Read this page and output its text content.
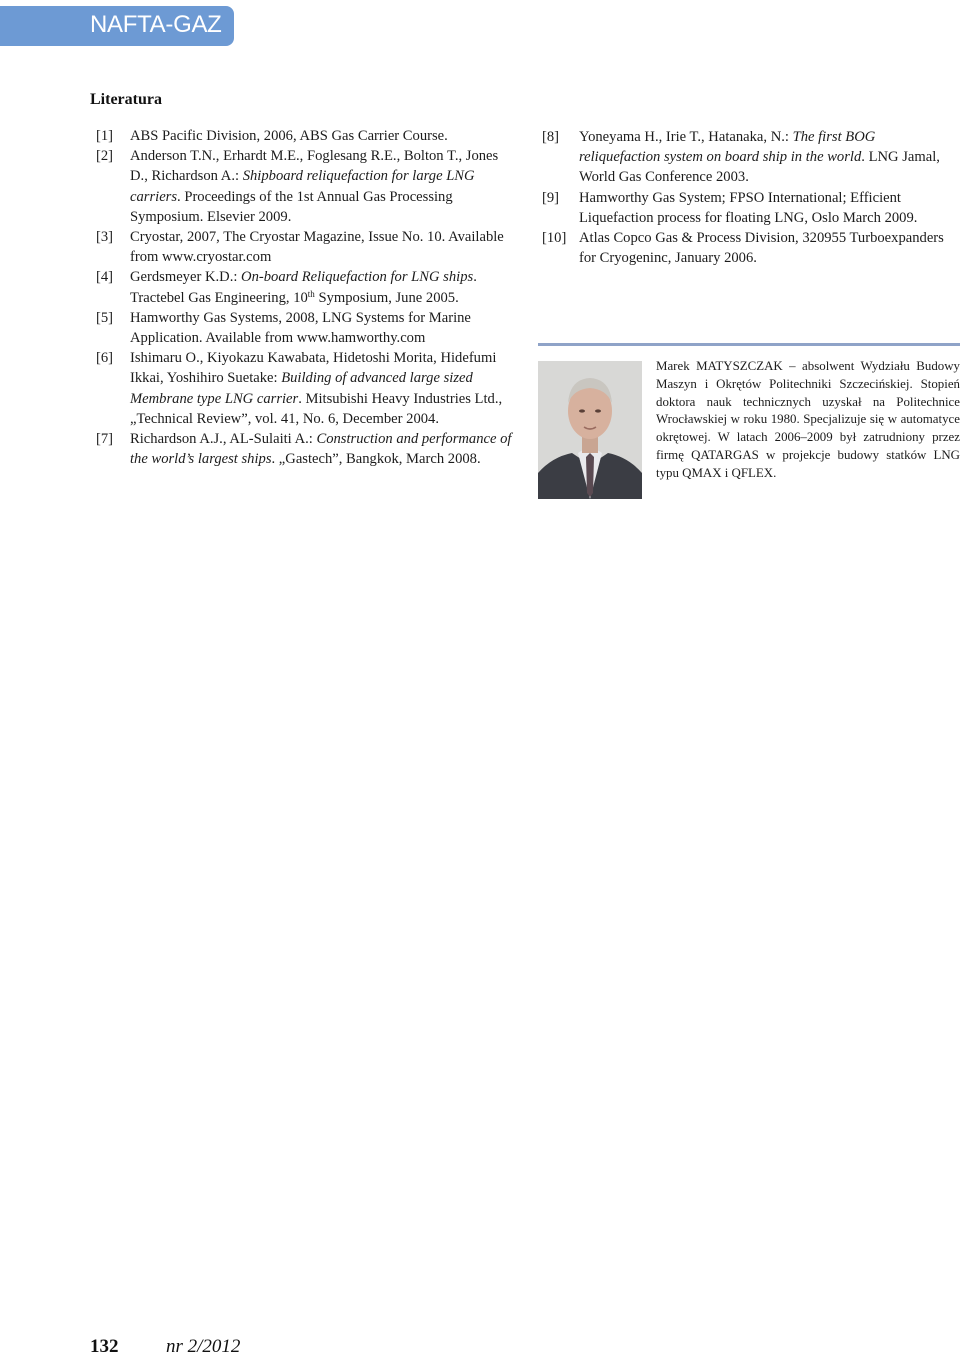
NAFTA-GAZ
Literatura

[1] ABS Pacific Division, 2006, ABS Gas Carrier Course.

[2] Anderson T.N., Erhardt M.E., Foglesang R.E., Bolton T., Jones D., Richardson A.: Shipboard reliquefaction for large LNG carriers. Proceedings of the 1st Annual Gas Processing Symposium. Elsevier 2009.

[3] Cryostar, 2007, The Cryostar Magazine, Issue No. 10. Available from www.cryostar.com

[4] Gerdsmeyer K.D.: On-board Reliquefaction for LNG ships. Tractebel Gas Engineering, 10th Symposium, June 2005.

[5] Hamworthy Gas Systems, 2008, LNG Systems for Marine Application. Available from www.hamworthy.com

[6] Ishimaru O., Kiyokazu Kawabata, Hidetoshi Morita, Hidefumi Ikkai, Yoshihiro Suetake: Building of advanced large sized Membrane type LNG carrier. Mitsubishi Heavy Industries Ltd., „Technical Review”, vol. 41, No. 6, December 2004.

[7] Richardson A.J., AL-Sulaiti A.: Construction and performance of the world’s largest ships. „Gastech”, Bangkok, March 2008.

[8] Yoneyama H., Irie T., Hatanaka, N.: The first BOG reliquefaction system on board ship in the world. LNG Jamal, World Gas Conference 2003.

[9] Hamworthy Gas System; FPSO International; Efficient Liquefaction process for floating LNG, Oslo March 2009.

[10] Atlas Copco Gas & Process Division, 320955 Turboexpanders for Cryogeninc, January 2006.

Marek MATYSZCZAK – absolwent Wydziału Budowy Maszyn i Okrętów Politechniki Szczecińskiej. Stopień doktora nauk technicznych uzyskał na Politechnice Wrocławskiej w roku 1980. Specjalizuje się w automatyce okrętowej. W latach 2006–2009 był zatrudniony przez firmę QATARGAS w projekcje budowy statków LNG typu QMAX i QFLEX.
132	nr 2/2012
